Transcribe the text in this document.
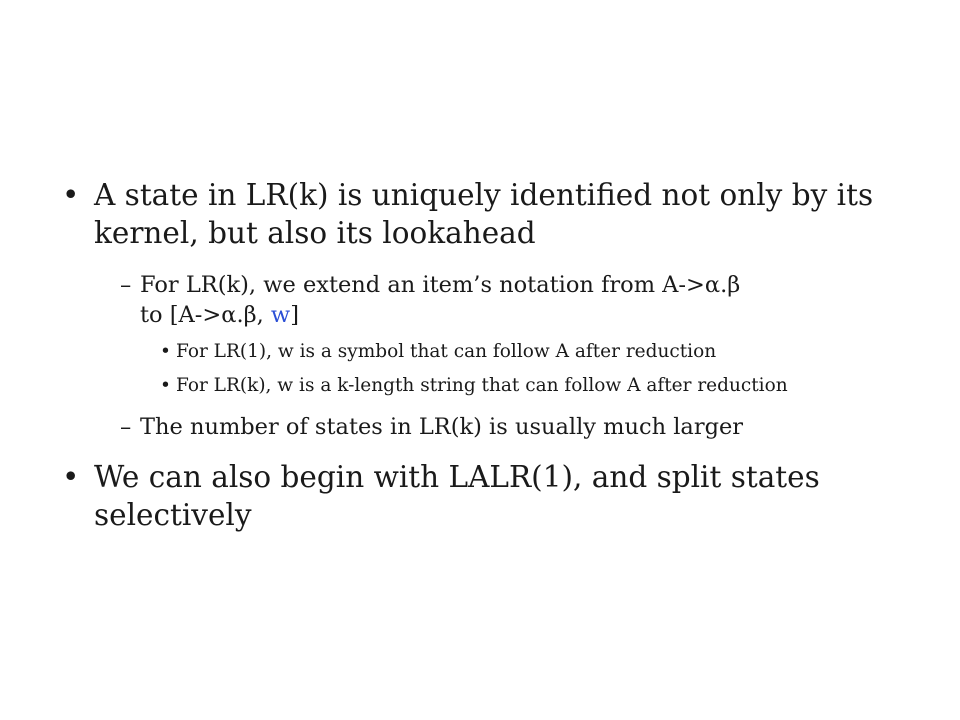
• A state in LR(k) is uniquely identified not only by its kernel, but also its lookahead

– For LR(k), we extend an item’s notation from A->α.β
to [A->α.β, w]

• For LR(1), w is a symbol that can follow A after reduction

• For LR(k), w is a k-length string that can follow A after reduction

– The number of states in LR(k) is usually much larger

• We can also begin with LALR(1), and split states selectively
